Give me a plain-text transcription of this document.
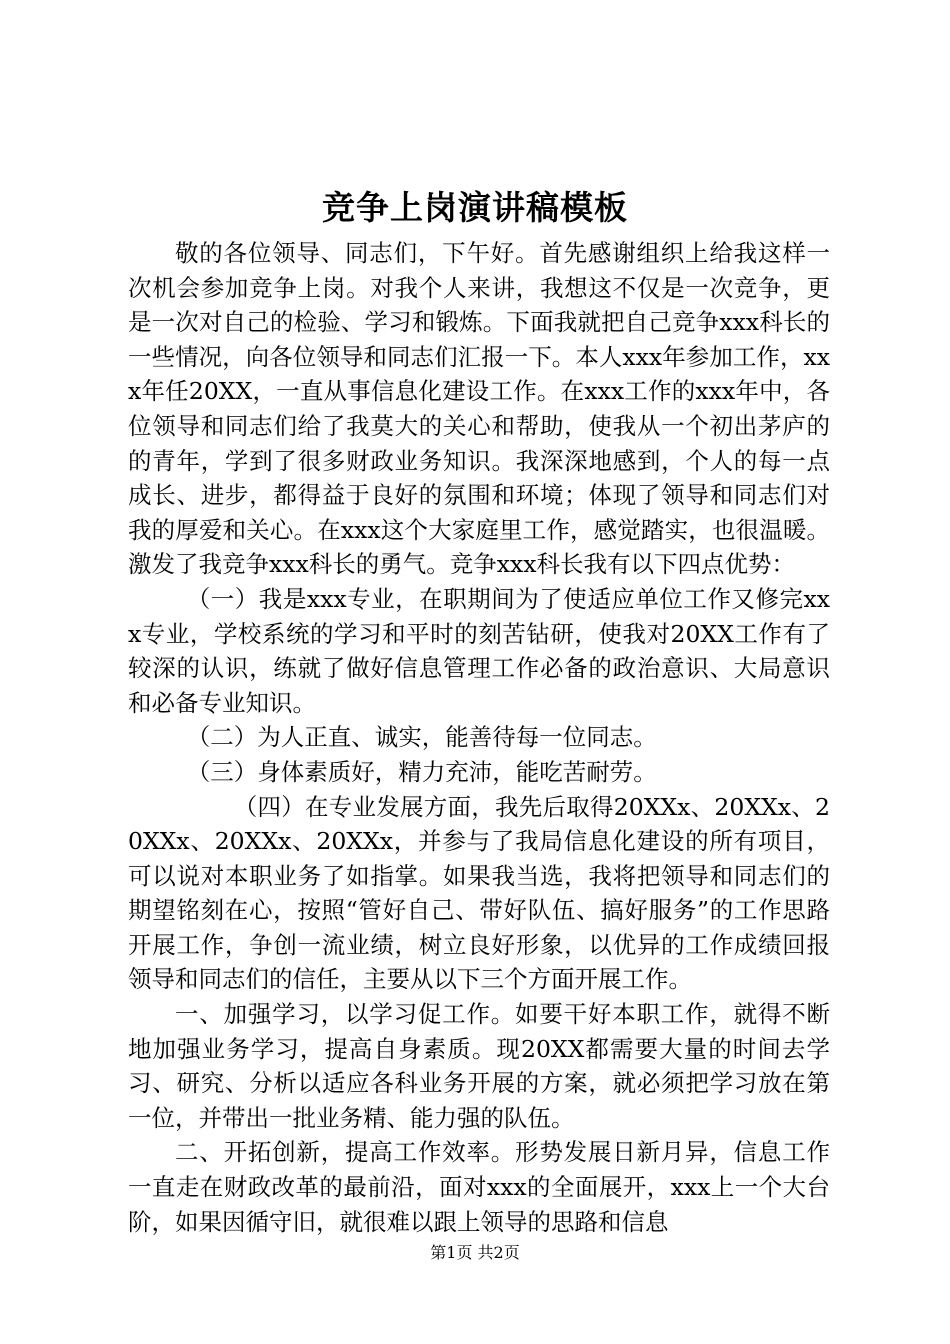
竞争上岗演讲稿模板

敬的各位领导、同志们，下午好。首先感谢组织上给我这样一次机会参加竞争上岗。对我个人来讲，我想这不仅是一次竞争，更是一次对自己的检验、学习和锻炼。下面我就把自己竞争xxx科长的一些情况，向各位领导和同志们汇报一下。本人xxx年参加工作，xxx年任20XX，一直从事信息化建设工作。在xxx工作的xxx年中，各位领导和同志们给了我莫大的关心和帮助，使我从一个初出茅庐的的青年，学到了很多财政业务知识。我深深地感到，个人的每一点成长、进步，都得益于良好的氛围和环境；体现了领导和同志们对我的厚爱和关心。在xxx这个大家庭里工作，感觉踏实，也很温暖。激发了我竞争xxx科长的勇气。竞争xxx科长我有以下四点优势：

（一）我是xxx专业，在职期间为了使适应单位工作又修完xxx专业，学校系统的学习和平时的刻苦钻研，使我对20XX工作有了较深的认识，练就了做好信息管理工作必备的政治意识、大局意识和必备专业知识。

（二）为人正直、诚实，能善待每一位同志。

（三）身体素质好，精力充沛，能吃苦耐劳。

（四）在专业发展方面，我先后取得20XXx、20XXx、20XXx、20XXx、20XXx，并参与了我局信息化建设的所有项目，可以说对本职业务了如指掌。如果我当选，我将把领导和同志们的期望铭刻在心，按照“管好自己、带好队伍、搞好服务”的工作思路开展工作，争创一流业绩，树立良好形象，以优异的工作成绩回报领导和同志们的信任，主要从以下三个方面开展工作。

一、加强学习，以学习促工作。如要干好本职工作，就得不断地加强业务学习，提高自身素质。现20XX都需要大量的时间去学习、研究、分析以适应各科业务开展的方案，就必须把学习放在第一位，并带出一批业务精、能力强的队伍。

二、开拓创新，提高工作效率。形势发展日新月异，信息工作一直走在财政改革的最前沿，面对xxx的全面展开，xxx上一个大台阶，如果因循守旧，就很难以跟上领导的思路和信息

第1页 共2页
